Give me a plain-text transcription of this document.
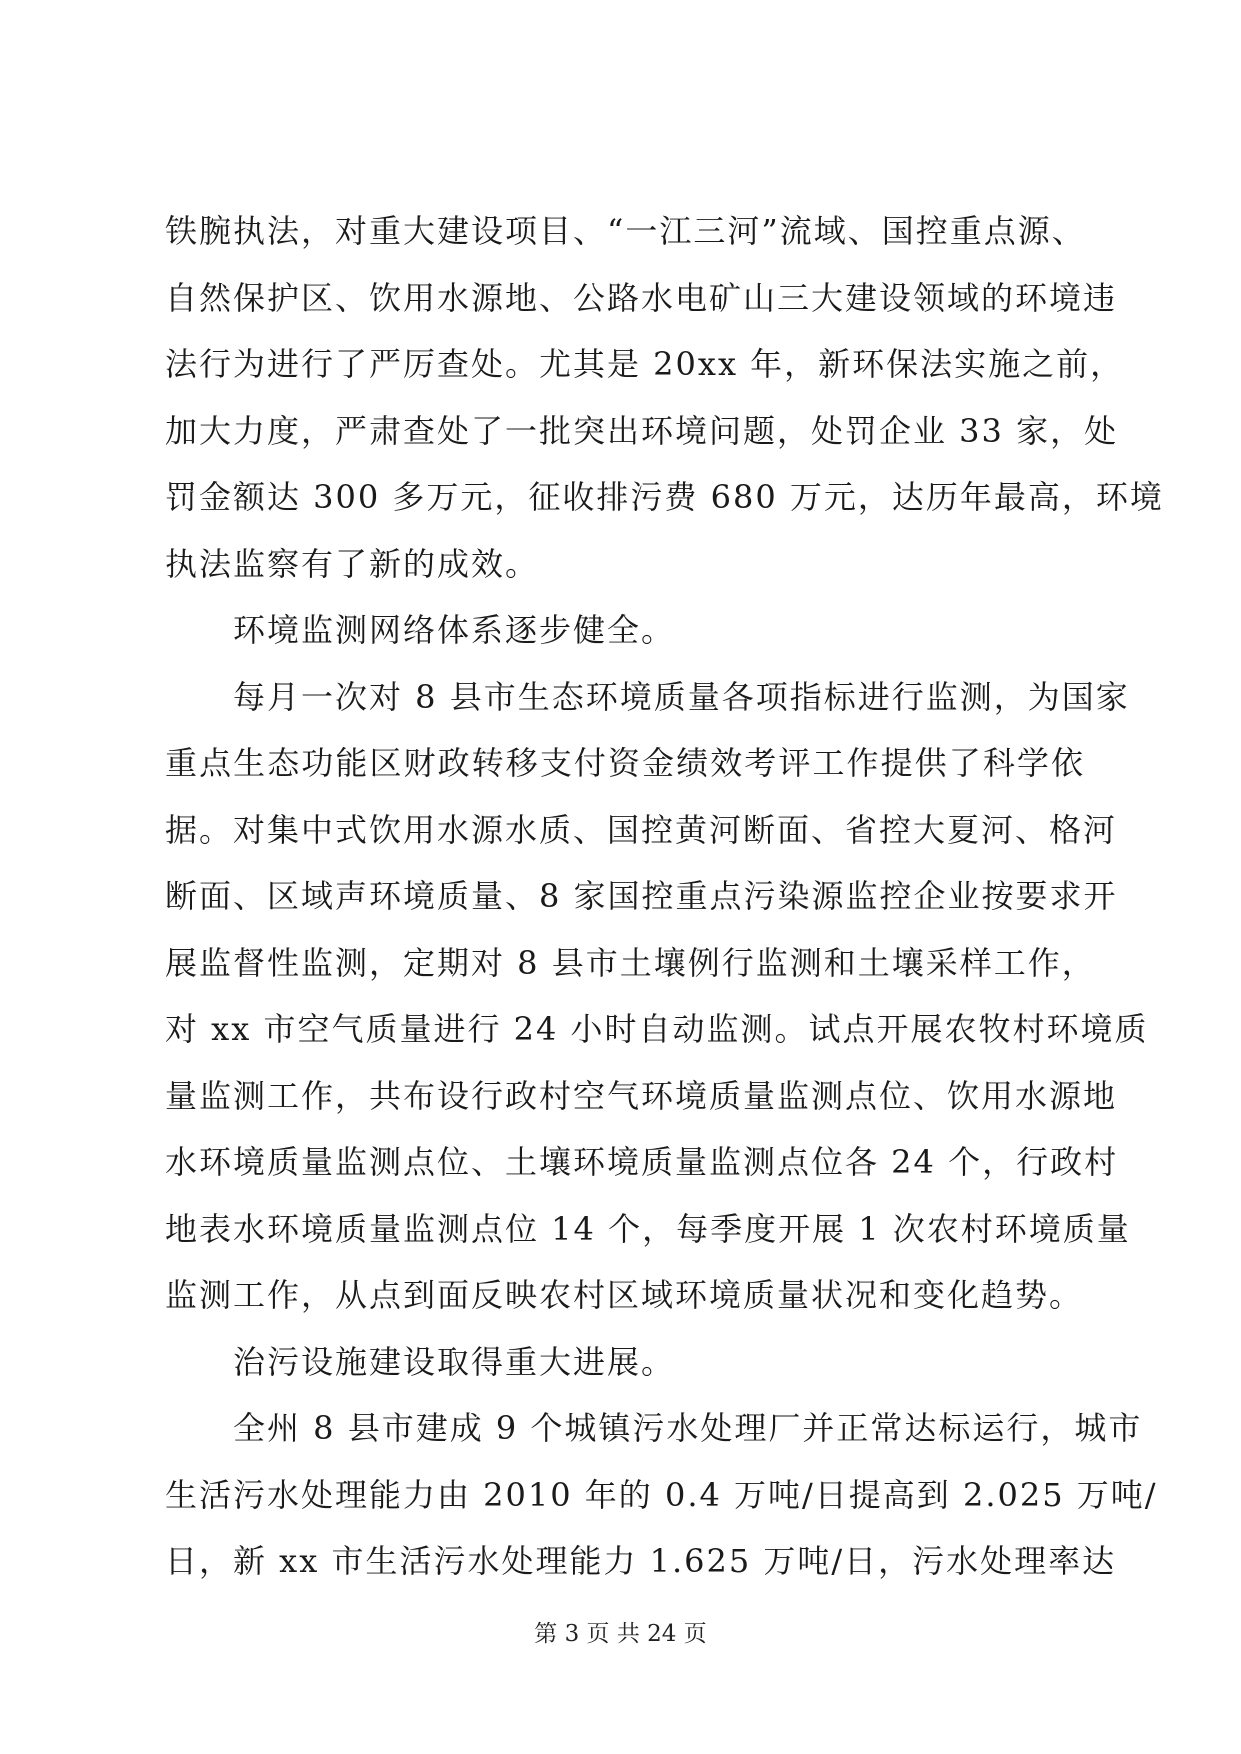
铁腕执法，对重大建设项目、“一江三河”流域、国控重点源、
自然保护区、饮用水源地、公路水电矿山三大建设领域的环境违
法行为进行了严厉查处。尤其是 20xx 年，新环保法实施之前，
加大力度，严肃查处了一批突出环境问题，处罚企业 33 家，处
罚金额达 300 多万元，征收排污费 680 万元，达历年最高，环境
执法监察有了新的成效。
环境监测网络体系逐步健全。
每月一次对 8 县市生态环境质量各项指标进行监测，为国家
重点生态功能区财政转移支付资金绩效考评工作提供了科学依
据。对集中式饮用水源水质、国控黄河断面、省控大夏河、格河
断面、区域声环境质量、8 家国控重点污染源监控企业按要求开
展监督性监测，定期对 8 县市土壤例行监测和土壤采样工作，
对 xx 市空气质量进行 24 小时自动监测。试点开展农牧村环境质
量监测工作，共布设行政村空气环境质量监测点位、饮用水源地
水环境质量监测点位、土壤环境质量监测点位各 24 个，行政村
地表水环境质量监测点位 14 个，每季度开展 1 次农村环境质量
监测工作，从点到面反映农村区域环境质量状况和变化趋势。
治污设施建设取得重大进展。
全州 8 县市建成 9 个城镇污水处理厂并正常达标运行，城市
生活污水处理能力由 2010 年的 0.4 万吨/日提高到 2.025 万吨/
日，新 xx 市生活污水处理能力 1.625 万吨/日，污水处理率达
第 3 页 共 24 页
